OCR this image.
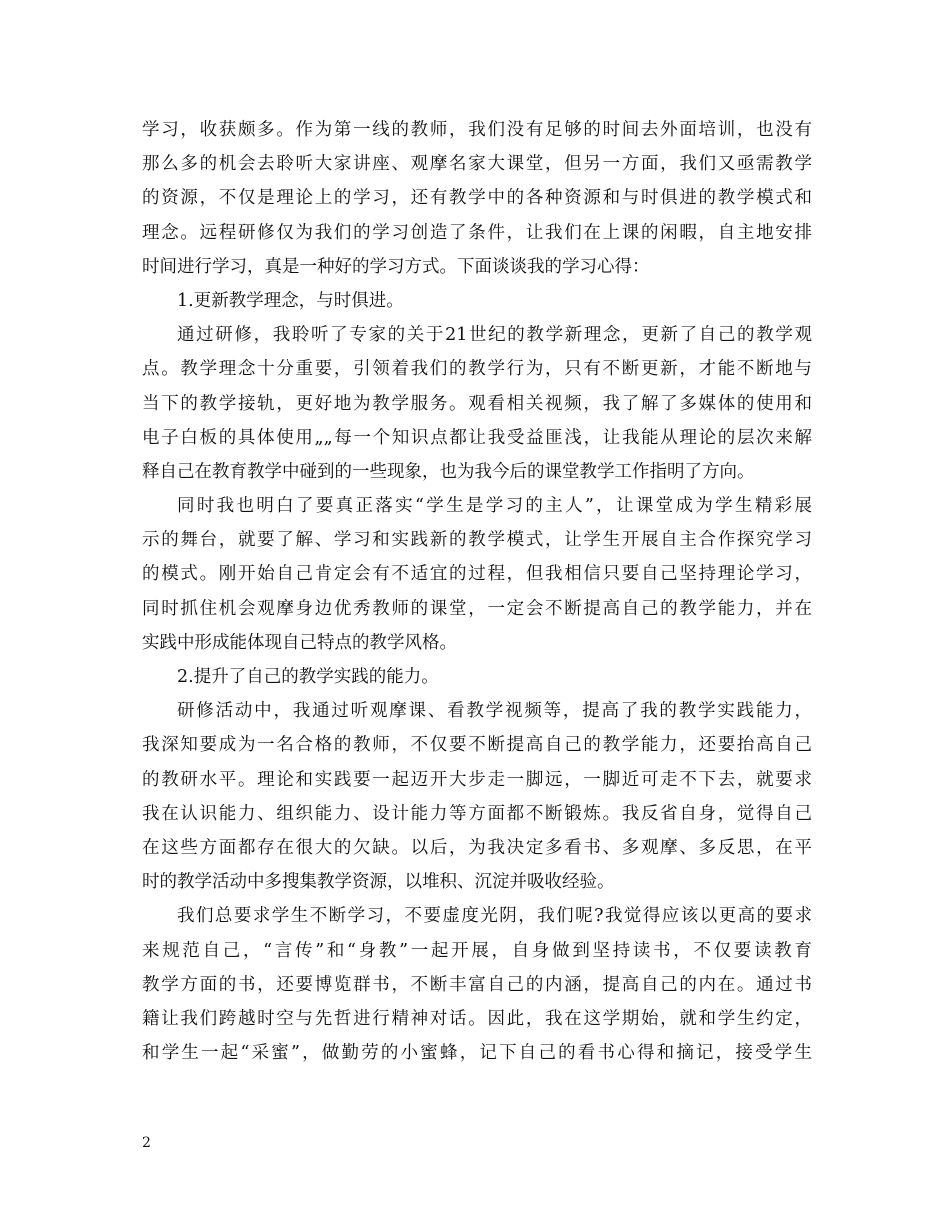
学习，收获颇多。作为第一线的教师，我们没有足够的时间去外面培训，也没有
那么多的机会去聆听大家讲座、观摩名家大课堂，但另一方面，我们又亟需教学
的资源，不仅是理论上的学习，还有教学中的各种资源和与时俱进的教学模式和
理念。远程研修仅为我们的学习创造了条件，让我们在上课的闲暇，自主地安排
时间进行学习，真是一种好的学习方式。下面谈谈我的学习心得：
1.更新教学理念，与时俱进。
通过研修，我聆听了专家的关于21世纪的教学新理念，更新了自己的教学观
点。教学理念十分重要，引领着我们的教学行为，只有不断更新，才能不断地与
当下的教学接轨，更好地为教学服务。观看相关视频，我了解了多媒体的使用和
电子白板的具体使用„„每一个知识点都让我受益匪浅，让我能从理论的层次来解
释自己在教育教学中碰到的一些现象，也为我今后的课堂教学工作指明了方向。
同时我也明白了要真正落实“学生是学习的主人”，让课堂成为学生精彩展
示的舞台，就要了解、学习和实践新的教学模式，让学生开展自主合作探究学习
的模式。刚开始自己肯定会有不适宜的过程，但我相信只要自己坚持理论学习，
同时抓住机会观摩身边优秀教师的课堂，一定会不断提高自己的教学能力，并在
实践中形成能体现自己特点的教学风格。
2.提升了自己的教学实践的能力。
研修活动中，我通过听观摩课、看教学视频等，提高了我的教学实践能力，
我深知要成为一名合格的教师，不仅要不断提高自己的教学能力，还要抬高自己
的教研水平。理论和实践要一起迈开大步走一脚远，一脚近可走不下去，就要求
我在认识能力、组织能力、设计能力等方面都不断锻炼。我反省自身，觉得自己
在这些方面都存在很大的欠缺。以后，为我决定多看书、多观摩、多反思，在平
时的教学活动中多搜集教学资源，以堆积、沉淀并吸收经验。
我们总要求学生不断学习，不要虚度光阴，我们呢?我觉得应该以更高的要求
来规范自己，“言传”和“身教”一起开展，自身做到坚持读书，不仅要读教育
教学方面的书，还要博览群书，不断丰富自己的内涵，提高自己的内在。通过书
籍让我们跨越时空与先哲进行精神对话。因此，我在这学期始，就和学生约定，
和学生一起“采蜜”，做勤劳的小蜜蜂，记下自己的看书心得和摘记，接受学生
2
